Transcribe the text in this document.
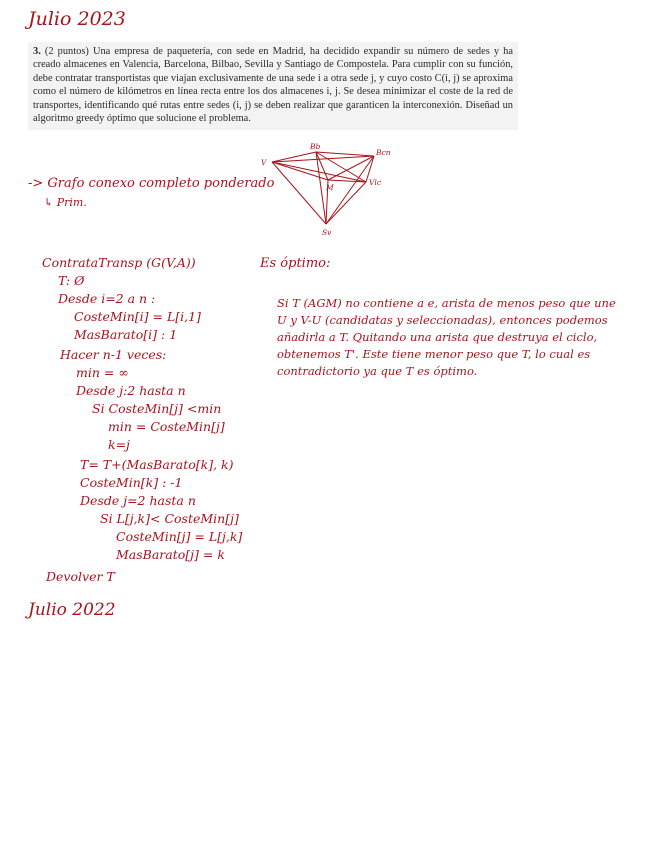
Julio 2023

3. (2 puntos) Una empresa de paquetería, con sede en Madrid, ha decidido expandir su número de sedes y ha creado almacenes en Valencia, Barcelona, Bilbao, Sevilla y Santiago de Compostela. Para cumplir con su función, debe contratar transportistas que viajan exclusivamente de una sede i a otra sede j, y cuyo costo C(i, j) se aproxima como el número de kilómetros en línea recta entre los dos almacenes i, j. Se desea minimizar el coste de la red de transportes, identificando qué rutas entre sedes (i, j) se deben realizar que garanticen la interconexión. Diseñad un algoritmo greedy óptimo que solucione el problema.

-> Grafo conexo completo ponderado
↳ Prim.
V
Bb
Bcn
M
Vlc
Sv
ContrataTransp (G(V,A))
T: Ø
Desde i=2 a n :
CosteMin[i] = L[i,1]
MasBarato[i] : 1
Hacer n-1 veces:
min = ∞
Desde j:2 hasta n
Si CosteMin[j] <min
min = CosteMin[j]
k=j
T= T+(MasBarato[k], k)
CosteMin[k] : -1
Desde j=2 hasta n
Si L[j,k]< CosteMin[j]
CosteMin[j] = L[j,k]
MasBarato[j] = k
Devolver T
Es óptimo:
Si T (AGM) no contiene a e, arista de menos peso que une U y V-U (candidatas y seleccionadas), entonces podemos añadirla a T. Quitando una arista que destruya el ciclo, obtenemos T'. Este tiene menor peso que T, lo cual es contradictorio ya que T es óptimo.
Julio 2022
